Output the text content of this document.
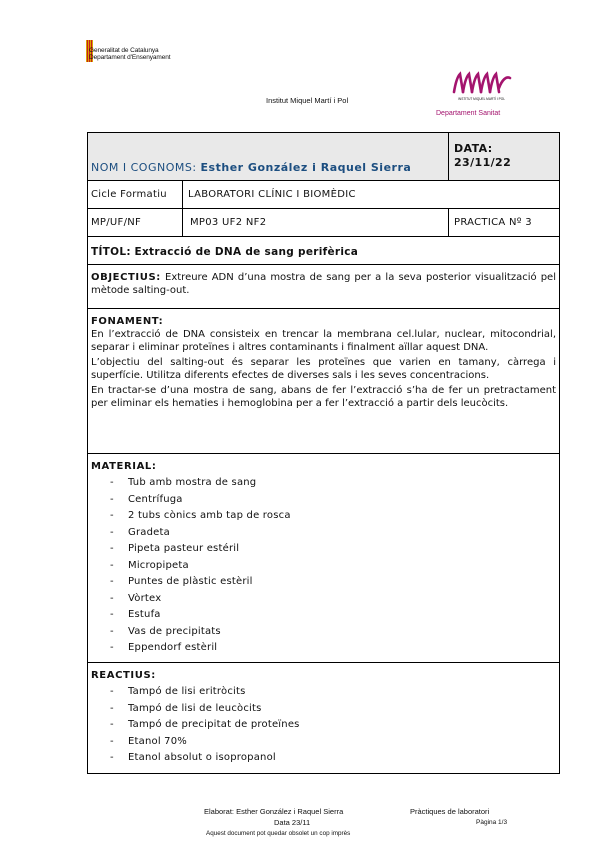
Generalitat de Catalunya
Departament d'Ensenyament
Institut Miquel Martí i Pol	INSTITUT MIQUEL MARTÍ I POL
Departament Sanitat
NOM I COGNOMS: Esther González i Raquel Sierra
DATA:
23/11/22
Cicle Formatiu LABORATORI CLÍNIC I BIOMÈDIC
MP/UF/NF	MP03 UF2 NF2	PRACTICA Nº 3
TÍTOL: Extracció de DNA de sang perifèrica
OBJECTIUS: Extreure ADN d’una mostra de sang per a la seva posterior visualització pel mètode salting-out.
FONAMENT:

En l’extracció de DNA consisteix en trencar la membrana cel.lular, nuclear, mitocondrial, separar i eliminar proteïnes i altres contaminants i finalment aïllar aquest DNA.

L’objectiu del salting-out és separar les proteïnes que varien en tamany, càrrega i superfície. Utilitza diferents efectes de diverses sals i les seves concentracions.

En tractar-se d’una mostra de sang, abans de fer l’extracció s’ha de fer un pretractament per eliminar els hematies i hemoglobina per a fer l’extracció a partir dels leucòcits.

MATERIAL:
- Tub amb mostra de sang
- Centrífuga
- 2 tubs cònics amb tap de rosca
- Gradeta
- Pipeta pasteur estéril
- Micropipeta
- Puntes de plàstic estèril
- Vòrtex
- Estufa
- Vas de precipitats
- Eppendorf estèril
REACTIUS:
- Tampó de lisi eritròcits
- Tampó de lisi de leucòcits
- Tampó de precipitat de proteïnes
- Etanol 70%
- Etanol absolut o isopropanol
Elaborat: Esther González i Raquel Sierra
Data 23/11
Aquest document pot quedar obsolet un cop imprès
Pràctiques de laboratori
Pàgina 1/3
